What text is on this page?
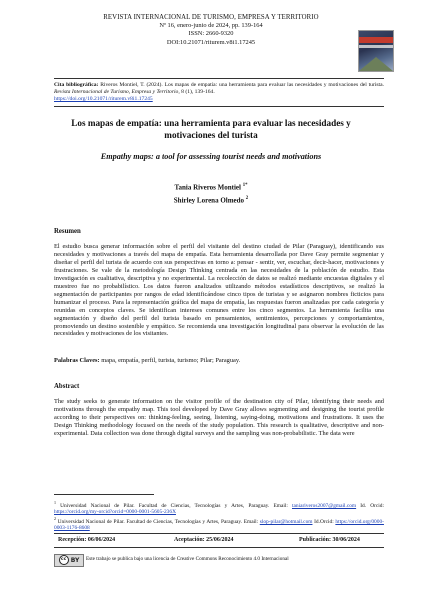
REVISTA INTERNACIONAL DE TURISMO, EMPRESA Y TERRITORIO
Nº 16, enero-junio de 2024, pp. 139-164
ISSN: 2660-9320
DOI:10.21071/riturem.v8i1.17245
Cita bibliográfica: Riveros Montiel, T. (2024). Los mapas de empatía: una herramienta para evaluar las necesidades y motivaciones del turista. Revista Internacional de Turismo, Empresa y Territorio, 8 (1), 139-164.
https://doi.org/10.21071/riturem.v8i1.17245
Los mapas de empatía: una herramienta para evaluar las necesidades y
motivaciones del turista
Empathy maps: a tool for assessing tourist needs and motivations
Tania Riveros Montiel $^{1*}$
Shirley Lorena Olmedo $^2$
Resumen
El estudio busca generar información sobre el perfil del visitante del destino ciudad de Pilar (Paraguay), identificando sus necesidades y motivaciones a través del mapa de empatía. Esta herramienta desarrollada por Dave Gray permite segmentar y diseñar el perfil del turista de acuerdo con sus perspectivas en torno a: pensar - sentir, ver, escuchar, decir-hacer, motivaciones y frustraciones. Se vale de la metodología Design Thinking centrada en las necesidades de la población de estudio. Esta investigación es cualitativa, descriptiva y no experimental. La recolección de datos se realizó mediante encuestas digitales y el muestreo fue no probabilístico. Los datos fueron analizados utilizando métodos estadísticos descriptivos, se realizó la segmentación de participantes por rangos de edad identificándose cinco tipos de turistas y se asignaron nombres ficticios para humanizar el proceso. Para la representación gráfica del mapa de empatía, las respuestas fueron analizadas por cada categoría y reunidas en conceptos claves. Se identifican intereses comunes entre los cinco segmentos. La herramienta facilita una segmentación y diseño del perfil del turista basado en pensamientos, sentimientos, percepciones y comportamientos, promoviendo un destino sostenible y empático. Se recomienda una investigación longitudinal para observar la evolución de las necesidades y motivaciones de los visitantes.
Palabras Claves: mapa, empatía, perfil, turista, turismo; Pilar; Paraguay.
Abstract
The study seeks to generate information on the visitor profile of the destination city of Pilar, identifying their needs and motivations through the empathy map. This tool developed by Dave Gray allows segmenting and designing the tourist profile according to their perspectives on: thinking-feeling, seeing, listening, saying-doing, motivations and frustrations. It uses the Design Thinking methodology focused on the needs of the study population. This research is qualitative, descriptive and non-experimental. Data collection was done through digital surveys and the sampling was non-probabilistic. The data were
$^1$ Universidad Nacional de Pilar. Facultad de Ciencias, Tecnologías y Artes, Paraguay. Email: taniariveros2007@gmail.com Id. Orcid: https://orcid.org/my-orcid?orcid=0000-0001-5605-236X
$^2$ Universidad Nacional de Pilar. Facultad de Ciencias, Tecnologías y Artes, Paraguay. Email: slop-pilar@hotmail.com Id.Orcid: https://orcid.org/0000-0003-1176-8608
Recepción: 06/06/2024	Aceptación: 25/06/2024	Publicación: 30/06/2024
cc BY	Este trabajo se publica bajo una licencia de Creative Commons Reconocimiento 4.0 Internacional
